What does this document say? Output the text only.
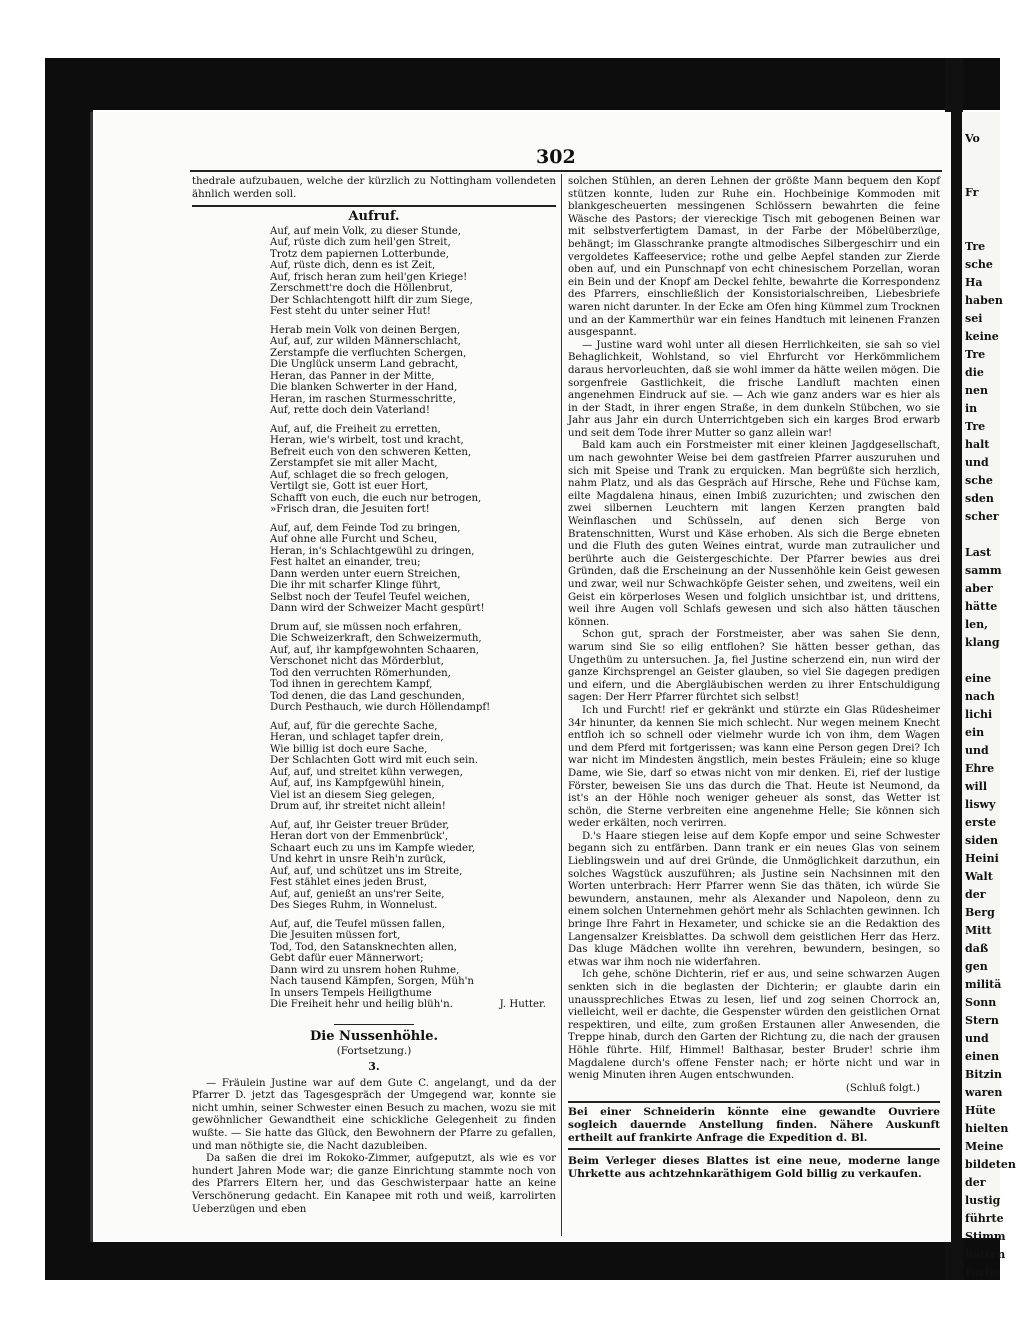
Vo

Fr

Tre
sche
Ha
haben
sei
keine
Tre
die
nen
in
Tre
halt
und
sche
sden
scher

Last
samm
aber
hätte
len,
klang

eine
nach
lichi
ein
und
Ehre
will
liswy
erste
siden
Heini
Walt
der
Berg
Mitt
daß
gen
militä
Sonn
Stern
und
einen
Bitzin
waren
Hüte
hielten
Meine
bildeten
der
lustig
führte
Stimm
hätten
Farbe
302

thedrale aufzubauen, welche der kürzlich zu Nottingham vollendeten ähnlich werden soll.

Aufruf.
Auf, auf mein Volk, zu dieser Stunde,
Auf, rüste dich zum heil'gen Streit,
Trotz dem papiernen Lotterbunde,
Auf, rüste dich, denn es ist Zeit,
Auf, frisch heran zum heil'gen Kriege!
Zerschmett're doch die Höllenbrut,
Der Schlachtengott hilft dir zum Siege,
Fest steht du unter seiner Hut!
Herab mein Volk von deinen Bergen,
Auf, auf, zur wilden Männerschlacht,
Zerstampfe die verfluchten Schergen,
Die Unglück unserm Land gebracht,
Heran, das Panner in der Mitte,
Die blanken Schwerter in der Hand,
Heran, im raschen Sturmesschritte,
Auf, rette doch dein Vaterland!
Auf, auf, die Freiheit zu erretten,
Heran, wie's wirbelt, tost und kracht,
Befreit euch von den schweren Ketten,
Zerstampfet sie mit aller Macht,
Auf, schlaget die so frech gelogen,
Vertilgt sie, Gott ist euer Hort,
Schafft von euch, die euch nur betrogen,
»Frisch dran, die Jesuiten fort!
Auf, auf, dem Feinde Tod zu bringen,
Auf ohne alle Furcht und Scheu,
Heran, in's Schlachtgewühl zu dringen,
Fest haltet an einander, treu;
Dann werden unter euern Streichen,
Die ihr mit scharfer Klinge führt,
Selbst noch der Teufel Teufel weichen,
Dann wird der Schweizer Macht gespürt!
Drum auf, sie müssen noch erfahren,
Die Schweizerkraft, den Schweizermuth,
Auf, auf, ihr kampfgewohnten Schaaren,
Verschonet nicht das Mörderblut,
Tod den verruchten Römerhunden,
Tod ihnen in gerechtem Kampf,
Tod denen, die das Land geschunden,
Durch Pesthauch, wie durch Höllendampf!
Auf, auf, für die gerechte Sache,
Heran, und schlaget tapfer drein,
Wie billig ist doch eure Sache,
Der Schlachten Gott wird mit euch sein.
Auf, auf, und streitet kühn verwegen,
Auf, auf, ins Kampfgewühl hinein,
Viel ist an diesem Sieg gelegen,
Drum auf, ihr streitet nicht allein!
Auf, auf, ihr Geister treuer Brüder,
Heran dort von der Emmenbrück',
Schaart euch zu uns im Kampfe wieder,
Und kehrt in unsre Reih'n zurück,
Auf, auf, und schützet uns im Streite,
Fest stählet eines jeden Brust,
Auf, auf, genießt an uns'rer Seite,
Des Sieges Ruhm, in Wonnelust.
Auf, auf, die Teufel müssen fallen,
Die Jesuiten müssen fort,
Tod, Tod, den Satansknechten allen,
Gebt dafür euer Männerwort;
Dann wird zu unsrem hohen Ruhme,
Nach tausend Kämpfen, Sorgen, Müh'n
In unsers Tempels Heiligthume
Die Freiheit hehr und heilig blüh'n.	J. Hutter.
Die Nussenhöhle.
(Fortsetzung.)
3.

— Fräulein Justine war auf dem Gute C. angelangt, und da der Pfarrer D. jetzt das Tagesgespräch der Umgegend war, konnte sie nicht umhin, seiner Schwester einen Besuch zu machen, wozu sie mit gewöhnlicher Gewandtheit eine schickliche Gelegenheit zu finden wußte. — Sie hatte das Glück, den Bewohnern der Pfarre zu gefallen, und man nöthigte sie, die Nacht dazubleiben.

Da saßen die drei im Rokoko-Zimmer, aufgeputzt, als wie es vor hundert Jahren Mode war; die ganze Einrichtung stammte noch von des Pfarrers Eltern her, und das Geschwisterpaar hatte an keine Verschönerung gedacht. Ein Kanapee mit roth und weiß, karrolirten Ueberzügen und eben

solchen Stühlen, an deren Lehnen der größte Mann bequem den Kopf stützen konnte, luden zur Ruhe ein. Hochbeinige Kommoden mit blankgescheuerten messingenen Schlössern bewahrten die feine Wäsche des Pastors; der viereckige Tisch mit gebogenen Beinen war mit selbstverfertigtem Damast, in der Farbe der Möbelüberzüge, behängt; im Glasschranke prangte altmodisches Silbergeschirr und ein vergoldetes Kaffeeservice; rothe und gelbe Aepfel standen zur Zierde oben auf, und ein Punschnapf von echt chinesischem Porzellan, woran ein Bein und der Knopf am Deckel fehlte, bewahrte die Korrespondenz des Pfarrers, einschließlich der Konsistorialschreiben, Liebesbriefe waren nicht darunter. In der Ecke am Ofen hing Kümmel zum Trocknen und an der Kammerthür war ein feines Handtuch mit leinenen Franzen ausgespannt.

— Justine ward wohl unter all diesen Herrlichkeiten, sie sah so viel Behaglichkeit, Wohlstand, so viel Ehrfurcht vor Herkömmlichem daraus hervorleuchten, daß sie wohl immer da hätte weilen mögen. Die sorgenfreie Gastlichkeit, die frische Landluft machten einen angenehmen Eindruck auf sie. — Ach wie ganz anders war es hier als in der Stadt, in ihrer engen Straße, in dem dunkeln Stübchen, wo sie Jahr aus Jahr ein durch Unterrichtgeben sich ein karges Brod erwarb und seit dem Tode ihrer Mutter so ganz allein war!

Bald kam auch ein Forstmeister mit einer kleinen Jagdgesellschaft, um nach gewohnter Weise bei dem gastfreien Pfarrer auszuruhen und sich mit Speise und Trank zu erquicken. Man begrüßte sich herzlich, nahm Platz, und als das Gespräch auf Hirsche, Rehe und Füchse kam, eilte Magdalena hinaus, einen Imbiß zuzurichten; und zwischen den zwei silbernen Leuchtern mit langen Kerzen prangten bald Weinflaschen und Schüsseln, auf denen sich Berge von Bratenschnitten, Wurst und Käse erhoben. Als sich die Berge ebneten und die Fluth des guten Weines eintrat, wurde man zutraulicher und berührte auch die Geistergeschichte. Der Pfarrer bewies aus drei Gründen, daß die Erscheinung an der Nussenhöhle kein Geist gewesen und zwar, weil nur Schwachköpfe Geister sehen, und zweitens, weil ein Geist ein körperloses Wesen und folglich unsichtbar ist, und drittens, weil ihre Augen voll Schlafs gewesen und sich also hätten täuschen können.

Schon gut, sprach der Forstmeister, aber was sahen Sie denn, warum sind Sie so eilig entflohen? Sie hätten besser gethan, das Ungethüm zu untersuchen. Ja, fiel Justine scherzend ein, nun wird der ganze Kirchsprengel an Geister glauben, so viel Sie dagegen predigen und eifern, und die Abergläubischen werden zu ihrer Entschuldigung sagen: Der Herr Pfarrer fürchtet sich selbst!

Ich und Furcht! rief er gekränkt und stürzte ein Glas Rüdesheimer 34r hinunter, da kennen Sie mich schlecht. Nur wegen meinem Knecht entfloh ich so schnell oder vielmehr wurde ich von ihm, dem Wagen und dem Pferd mit fortgerissen; was kann eine Person gegen Drei? Ich war nicht im Mindesten ängstlich, mein bestes Fräulein; eine so kluge Dame, wie Sie, darf so etwas nicht von mir denken. Ei, rief der lustige Förster, beweisen Sie uns das durch die That. Heute ist Neumond, da ist's an der Höhle noch weniger geheuer als sonst, das Wetter ist schön, die Sterne verbreiten eine angenehme Helle; Sie können sich weder erkälten, noch verirren.

D.'s Haare stiegen leise auf dem Kopfe empor und seine Schwester begann sich zu entfärben. Dann trank er ein neues Glas von seinem Lieblingswein und auf drei Gründe, die Unmöglichkeit darzuthun, ein solches Wagstück auszuführen; als Justine sein Nachsinnen mit den Worten unterbrach: Herr Pfarrer wenn Sie das thäten, ich würde Sie bewundern, anstaunen, mehr als Alexander und Napoleon, denn zu einem solchen Unternehmen gehört mehr als Schlachten gewinnen. Ich bringe Ihre Fahrt in Hexameter, und schicke sie an die Redaktion des Langensalzer Kreisblattes. Da schwoll dem geistlichen Herr das Herz. Das kluge Mädchen wollte ihn verehren, bewundern, besingen, so etwas war ihm noch nie widerfahren.

Ich gehe, schöne Dichterin, rief er aus, und seine schwarzen Augen senkten sich in die beglasten der Dichterin; er glaubte darin ein unaussprechliches Etwas zu lesen, lief und zog seinen Chorrock an, vielleicht, weil er dachte, die Gespenster würden den geistlichen Ornat respektiren, und eilte, zum großen Erstaunen aller Anwesenden, die Treppe hinab, durch den Garten der Richtung zu, die nach der grausen Höhle führte. Hilf, Himmel! Balthasar, bester Bruder! schrie ihm Magdalene durch's offene Fenster nach; er hörte nicht und war in wenig Minuten ihren Augen entschwunden.

(Schluß folgt.)
Bei einer Schneiderin könnte eine gewandte Ouvriere sogleich dauernde Anstellung finden. Nähere Auskunft ertheilt auf frankirte Anfrage die Expedition d. Bl.
Beim Verleger dieses Blattes ist eine neue, moderne lange Uhrkette aus achtzehnkaräthigem Gold billig zu verkaufen.
